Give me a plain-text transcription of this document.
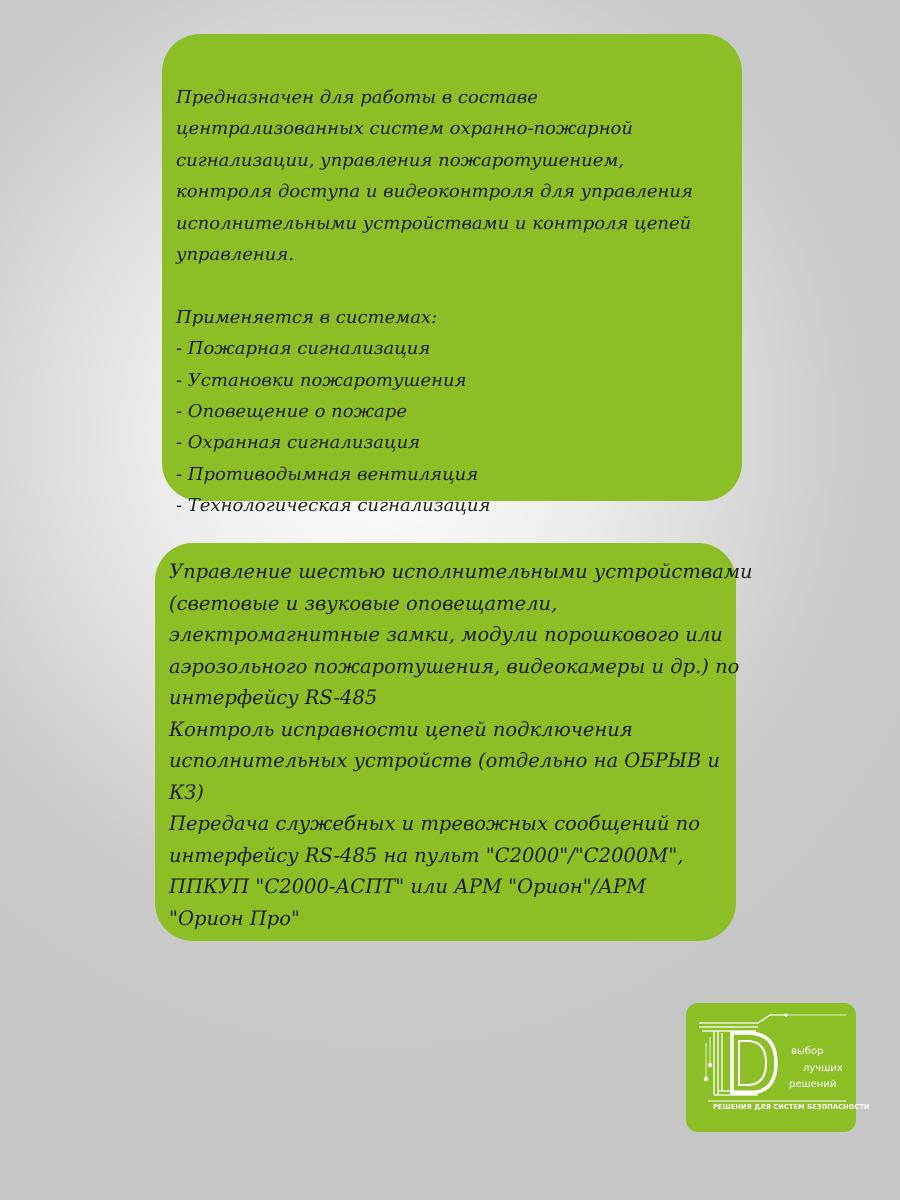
Предназначен для работы в составе
централизованных систем охранно-пожарной
сигнализации, управления пожаротушением,
контроля доступа и видеоконтроля для управления
исполнительными устройствами и контроля цепей
управления.
Применяется в системах:
- Пожарная сигнализация
- Установки пожаротушения
- Оповещение о пожаре
- Охранная сигнализация
- Противодымная вентиляция
- Технологическая сигнализация
Управление шестью исполнительными устройствами
(световые и звуковые оповещатели,
электромагнитные замки, модули порошкового или
аэрозольного пожаротушения, видеокамеры и др.) по
интерфейсу RS-485
Контроль исправности цепей подключения
исполнительных устройств (отдельно на ОБРЫВ и
КЗ)
Передача служебных и тревожных сообщений по
интерфейсу RS-485 на пульт "С2000"/"С2000М",
ППКУП "С2000-АСПТ" или АРМ "Орион"/АРМ
"Орион Про"
выбор
лучших
решений
РЕШЕНИЯ ДЛЯ СИСТЕМ БЕЗОПАСНОСТИ
